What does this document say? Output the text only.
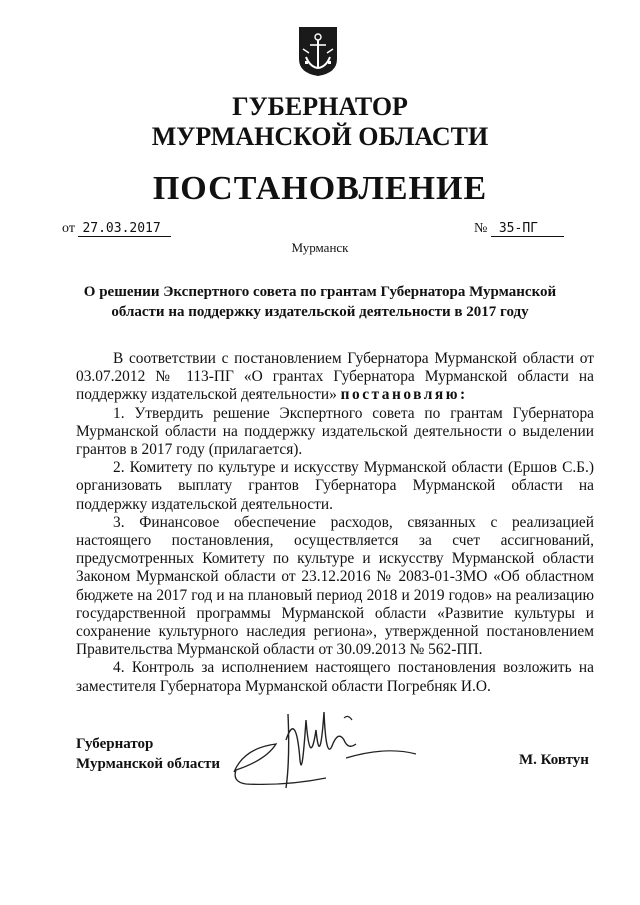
ГУБЕРНАТОР
МУРМАНСКОЙ ОБЛАСТИ
ПОСТАНОВЛЕНИЕ
от 27.03.2017	№ 35-ПГ
Мурманск
О решении Экспертного совета по грантам Губернатора Мурманской области на поддержку издательской деятельности в 2017 году

В соответствии с постановлением Губернатора Мурманской области от 03.07.2012 № 113-ПГ «О грантах Губернатора Мурманской области на поддержку издательской деятельности» постановляю:

1. Утвердить решение Экспертного совета по грантам Губернатора Мурманской области на поддержку издательской деятельности о выделении грантов в 2017 году (прилагается).

2. Комитету по культуре и искусству Мурманской области (Ершов С.Б.) организовать выплату грантов Губернатора Мурманской области на поддержку издательской деятельности.

3. Финансовое обеспечение расходов, связанных с реализацией настоящего постановления, осуществляется за счет ассигнований, предусмотренных Комитету по культуре и искусству Мурманской области Законом Мурманской области от 23.12.2016 № 2083-01-ЗМО «Об областном бюджете на 2017 год и на плановый период 2018 и 2019 годов» на реализацию государственной программы Мурманской области «Развитие культуры и сохранение культурного наследия региона», утвержденной постановлением Правительства Мурманской области от 30.09.2013 № 562-ПП.

4. Контроль за исполнением настоящего постановления возложить на заместителя Губернатора Мурманской области Погребняк И.О.

Губернатор
Мурманской области	М. Ковтун
